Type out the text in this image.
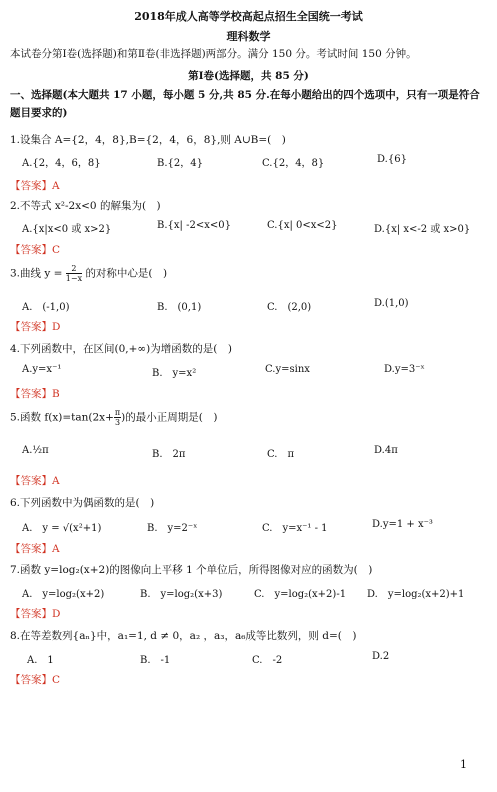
2018年成人高等学校高起点招生全国统一考试
理科数学
本试卷分第Ⅰ卷(选择题)和第Ⅱ卷(非选择题)两部分。满分 150 分。考试时间 150 分钟。
第Ⅰ卷(选择题，共 85 分)
一、选择题(本大题共 17 小题，每小题 5 分,共 85 分.在每小题给出的四个选项中，只有一项是符合题目要求的)
1.设集合 A={2，4，8},B={2，4，6，8},则 A∪B=(　)
A.{2，4，6，8}	B.{2，4}	C.{2，4，8}	D.{6}
【答案】A
2.不等式 x²-2x<0 的解集为(　)
A.{x|x<0 或 x>2}	B.{x| -2<x<0}	C.{x| 0<x<2}	D.{x| x<-2 或 x>0}
【答案】C
3.曲线 $y = \frac{2}{1-x}$ 的对称中心是(　)
A.　(-1,0)	B.　(0,1)	C.　(2,0)	D.(1,0)
【答案】D
4.下列函数中，在区间(0,+∞)为增函数的是(　)
A.y=x⁻¹	B.　y=x²	C.y=sinx	D.y=3⁻ˣ
【答案】B
5.函数 $f(x)=\tan(2x+ \frac{\pi}{3}$ )的最小正周期是(　)
A.½π	B.　2π	C.　π	D.4π
【答案】A
6.下列函数中为偶函数的是(　)
A.　y = √(x²+1)	B.　y=2⁻ˣ	C.　y=x⁻¹ - 1	D.y=1 + x⁻³
【答案】A
7.函数 y=log₂(x+2)的图像向上平移 1 个单位后，所得图像对应的函数为(　)
A.　y=log₂(x+2)	B.　y=log₂(x+3)	C.　y=log₂(x+2)-1 D.　y=log₂(x+2)+1
【答案】D
8.在等差数列{aₙ}中，a₁=1, d ≠ 0，a₂ ，a₃，a₆成等比数列，则 d=(　)
A.　1	B.　-1	C.　-2	D.2
【答案】C
1
